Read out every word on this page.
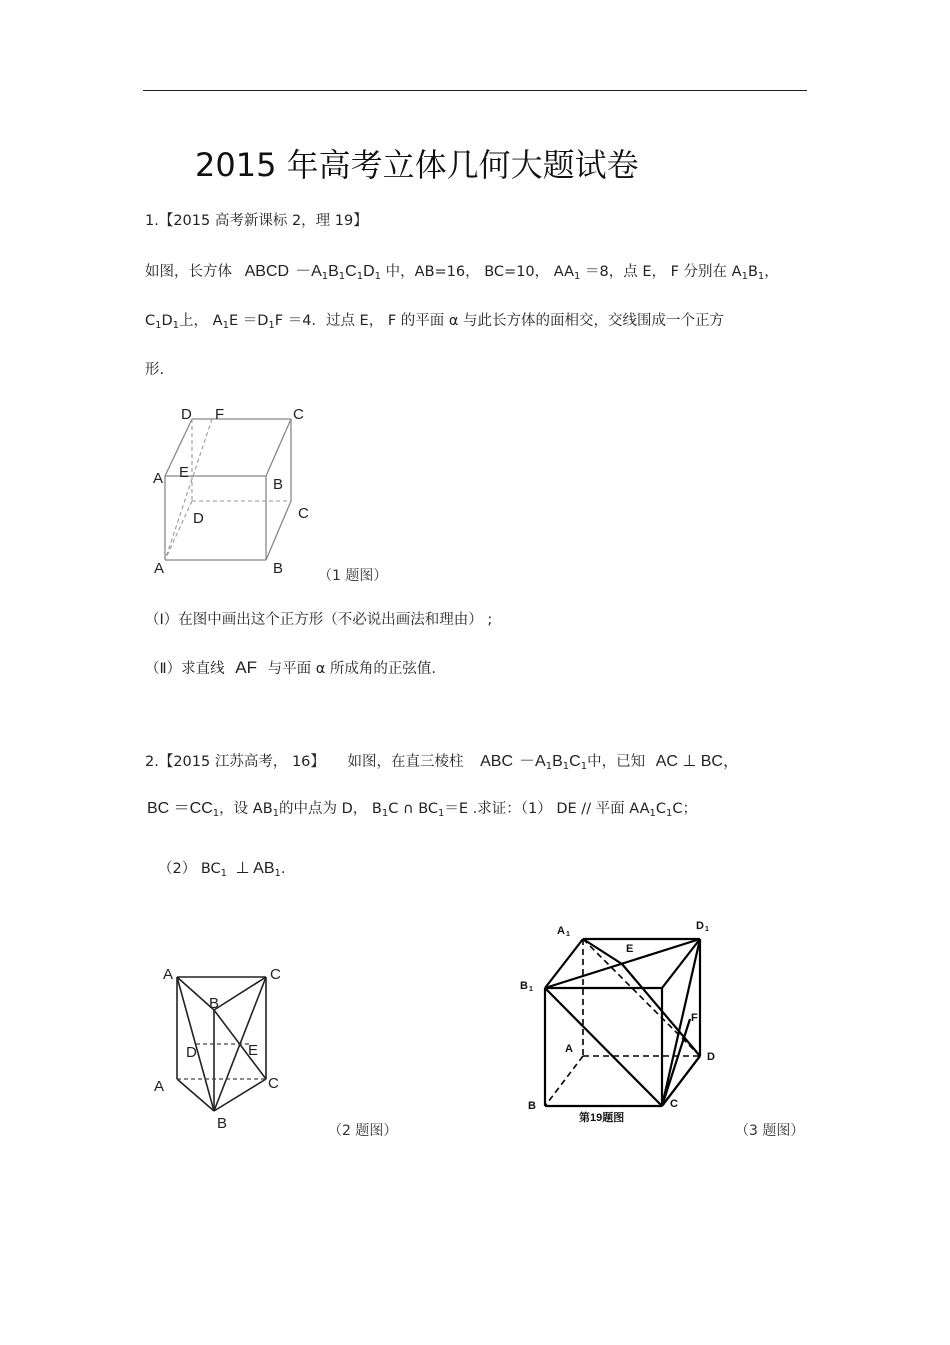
2015 年高考立体几何大题试卷
1.【2015 高考新课标 2，理 19】
如图，长方体 ABCD $-A_1B_1C_1D_1$ 中，AB=16， BC=10， $AA_1 =8$，点 E， F 分别在 $A_1B_1$，
$C_1D_1$上， $A_1E =D_1F =4$．过点 E， F 的平面 α 与此长方体的面相交，交线围成一个正方
形.
D F	C
A E
B
D	C
A	B （1 题图）
（Ⅰ）在图中画出这个正方形（不必说出画法和理由） ;
（Ⅱ）求直线 AF 与平面 α 所成角的正弦值.
2.【2015 江苏高考， 16】 如图，在直三棱柱 ABC $-A_1B_1C_1$中，已知 AC ⊥ BC，
BC $=CC_1$，设 $AB_1$的中点为 D， $B_1C$ ∩ $BC_1=E$ .求证：（1） DE // 平面 $AA_1C_1C$；
（2） $BC_1$ ⊥ $AB_1$.
A	C
B
D	E
A	C
B	（2 题图）
A	D
E
B
F
A
D
B	C
第19题图
1
1
1
（3 题图）
